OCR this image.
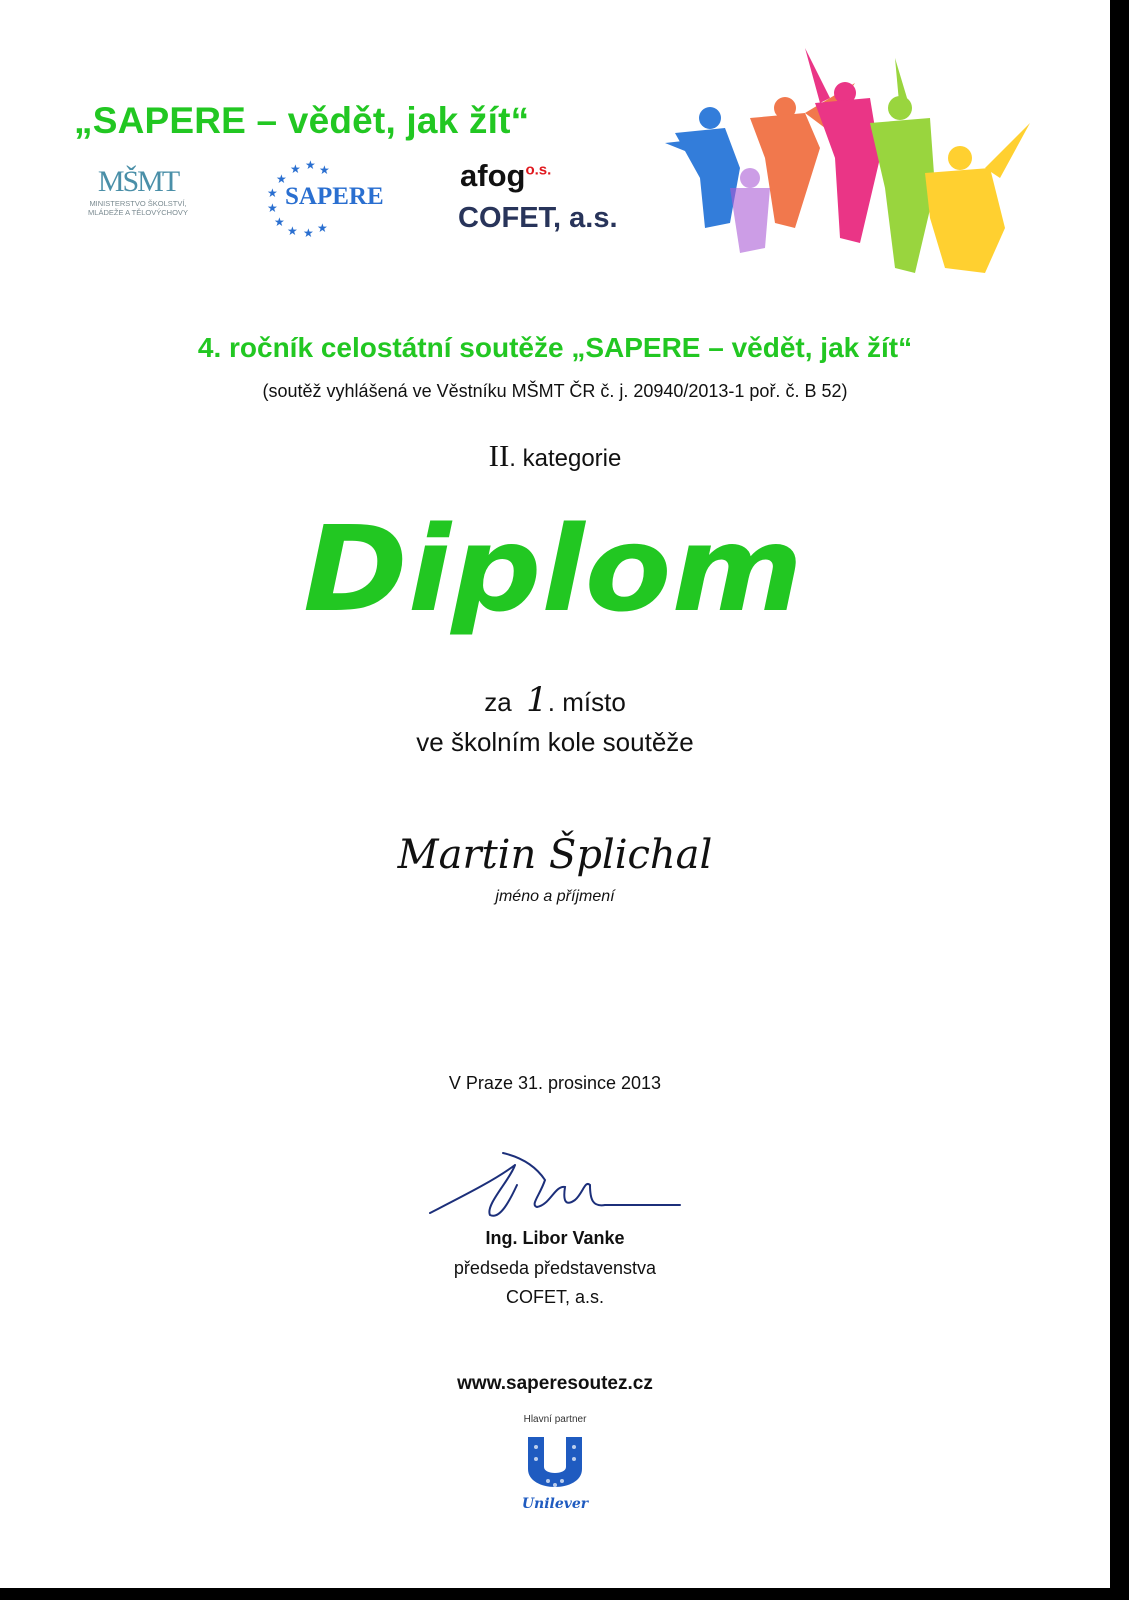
„SAPERE – vědět, jak žít“
MŠMT
MINISTERSTVO ŠKOLSTVÍ,
MLÁDEŽE A TĚLOVÝCHOVY
★ ★
★
★
★
★
★
★ ★ ★
SAPERE
afog$^{o.s.}$
COFET, a.s.
4. ročník celostátní soutěže „SAPERE – vědět, jak žít“
(soutěž vyhlášená ve Věstníku MŠMT ČR č. j. 20940/2013-1 poř. č. B 52)
II. kategorie
Diplom
za 1. místo
ve školním kole soutěže
Martin Šplichal
jméno a příjmení
V Praze 31. prosince 2013
Ing. Libor Vanke
předseda představenstva
COFET, a.s.
www.saperesoutez.cz
Hlavní partner
Unilever
